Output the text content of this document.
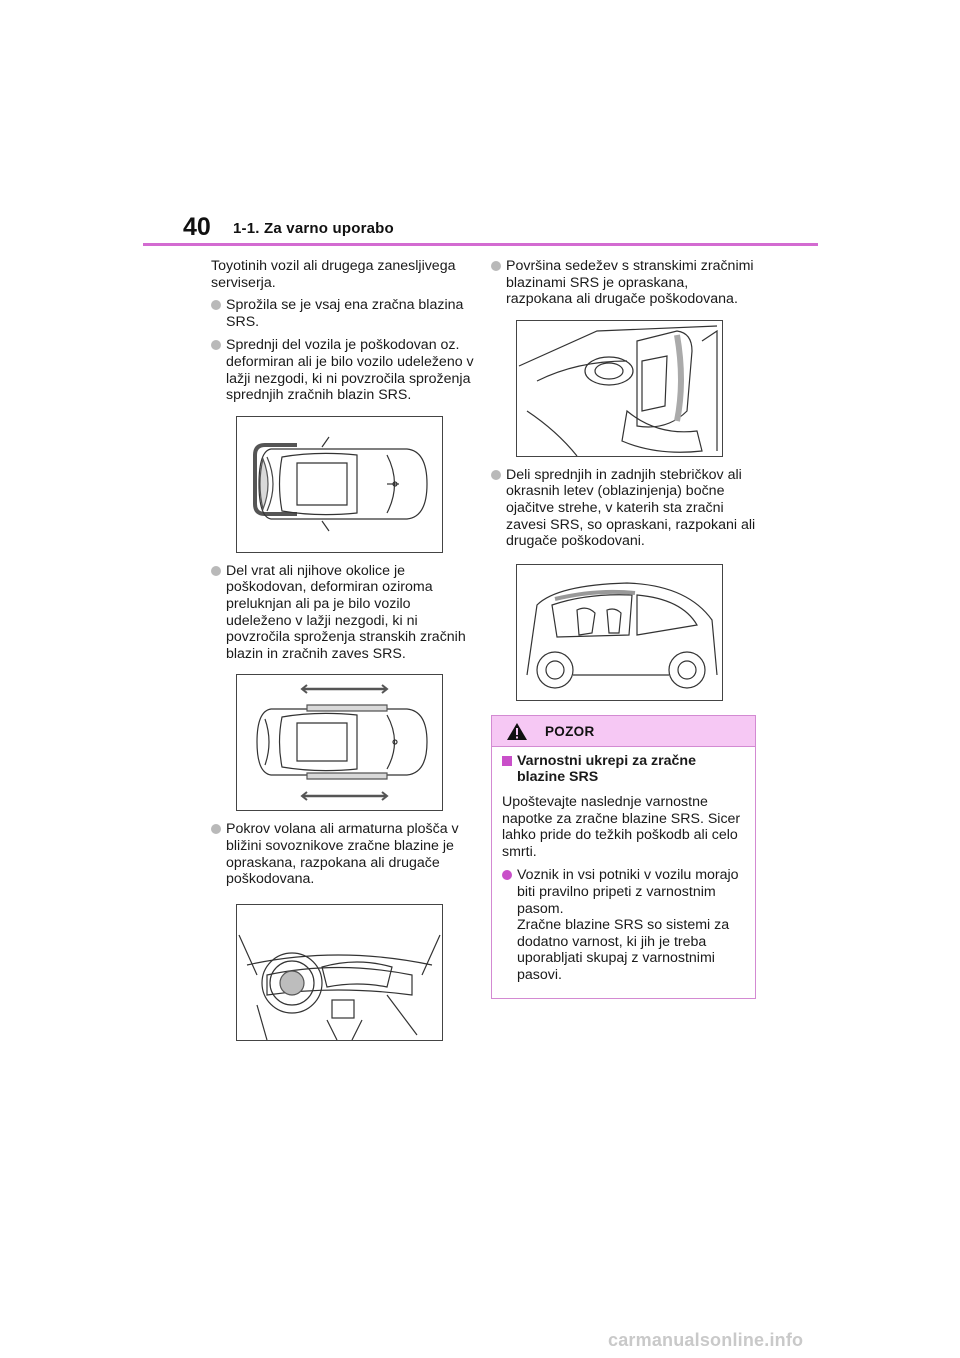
40 1-1. Za varno uporabo

Toyotinih vozil ali drugega zanesljivega serviserja.

Sprožila se je vsaj ena zračna blazina SRS.
Sprednji del vozila je poškodovan oz. deformiran ali je bilo vozilo udeleženo v lažji nezgodi, ki ni povzročila sproženja sprednjih zračnih blazin SRS.
Del vrat ali njihove okolice je poškodovan, deformiran oziroma preluknjan ali pa je bilo vozilo udeleženo v lažji nezgodi, ki ni povzročila sproženja stranskih zračnih blazin in zračnih zaves SRS.
Pokrov volana ali armaturna plošča v bližini sovoznikove zračne blazine je opraskana, razpokana ali drugače poškodovana.
Površina sedežev s stranskimi zračnimi blazinami SRS je opraskana, razpokana ali drugače poškodovana.
Deli sprednjih in zadnjih stebričkov ali okrasnih letev (oblazinjenja) bočne ojačitve strehe, v katerih sta zračni zavesi SRS, so opraskani, razpokani ali drugače poškodovani.
POZOR
Varnostni ukrepi za zračne blazine SRS

Upoštevajte naslednje varnostne napotke za zračne blazine SRS. Sicer lahko pride do težkih poškodb ali celo smrti.

Voznik in vsi potniki v vozilu morajo biti pravilno pripeti z varnostnim pasom.
Zračne blazine SRS so sistemi za dodatno varnost, ki jih je treba uporabljati skupaj z varnostnimi pasovi.
carmanualsonline.info
